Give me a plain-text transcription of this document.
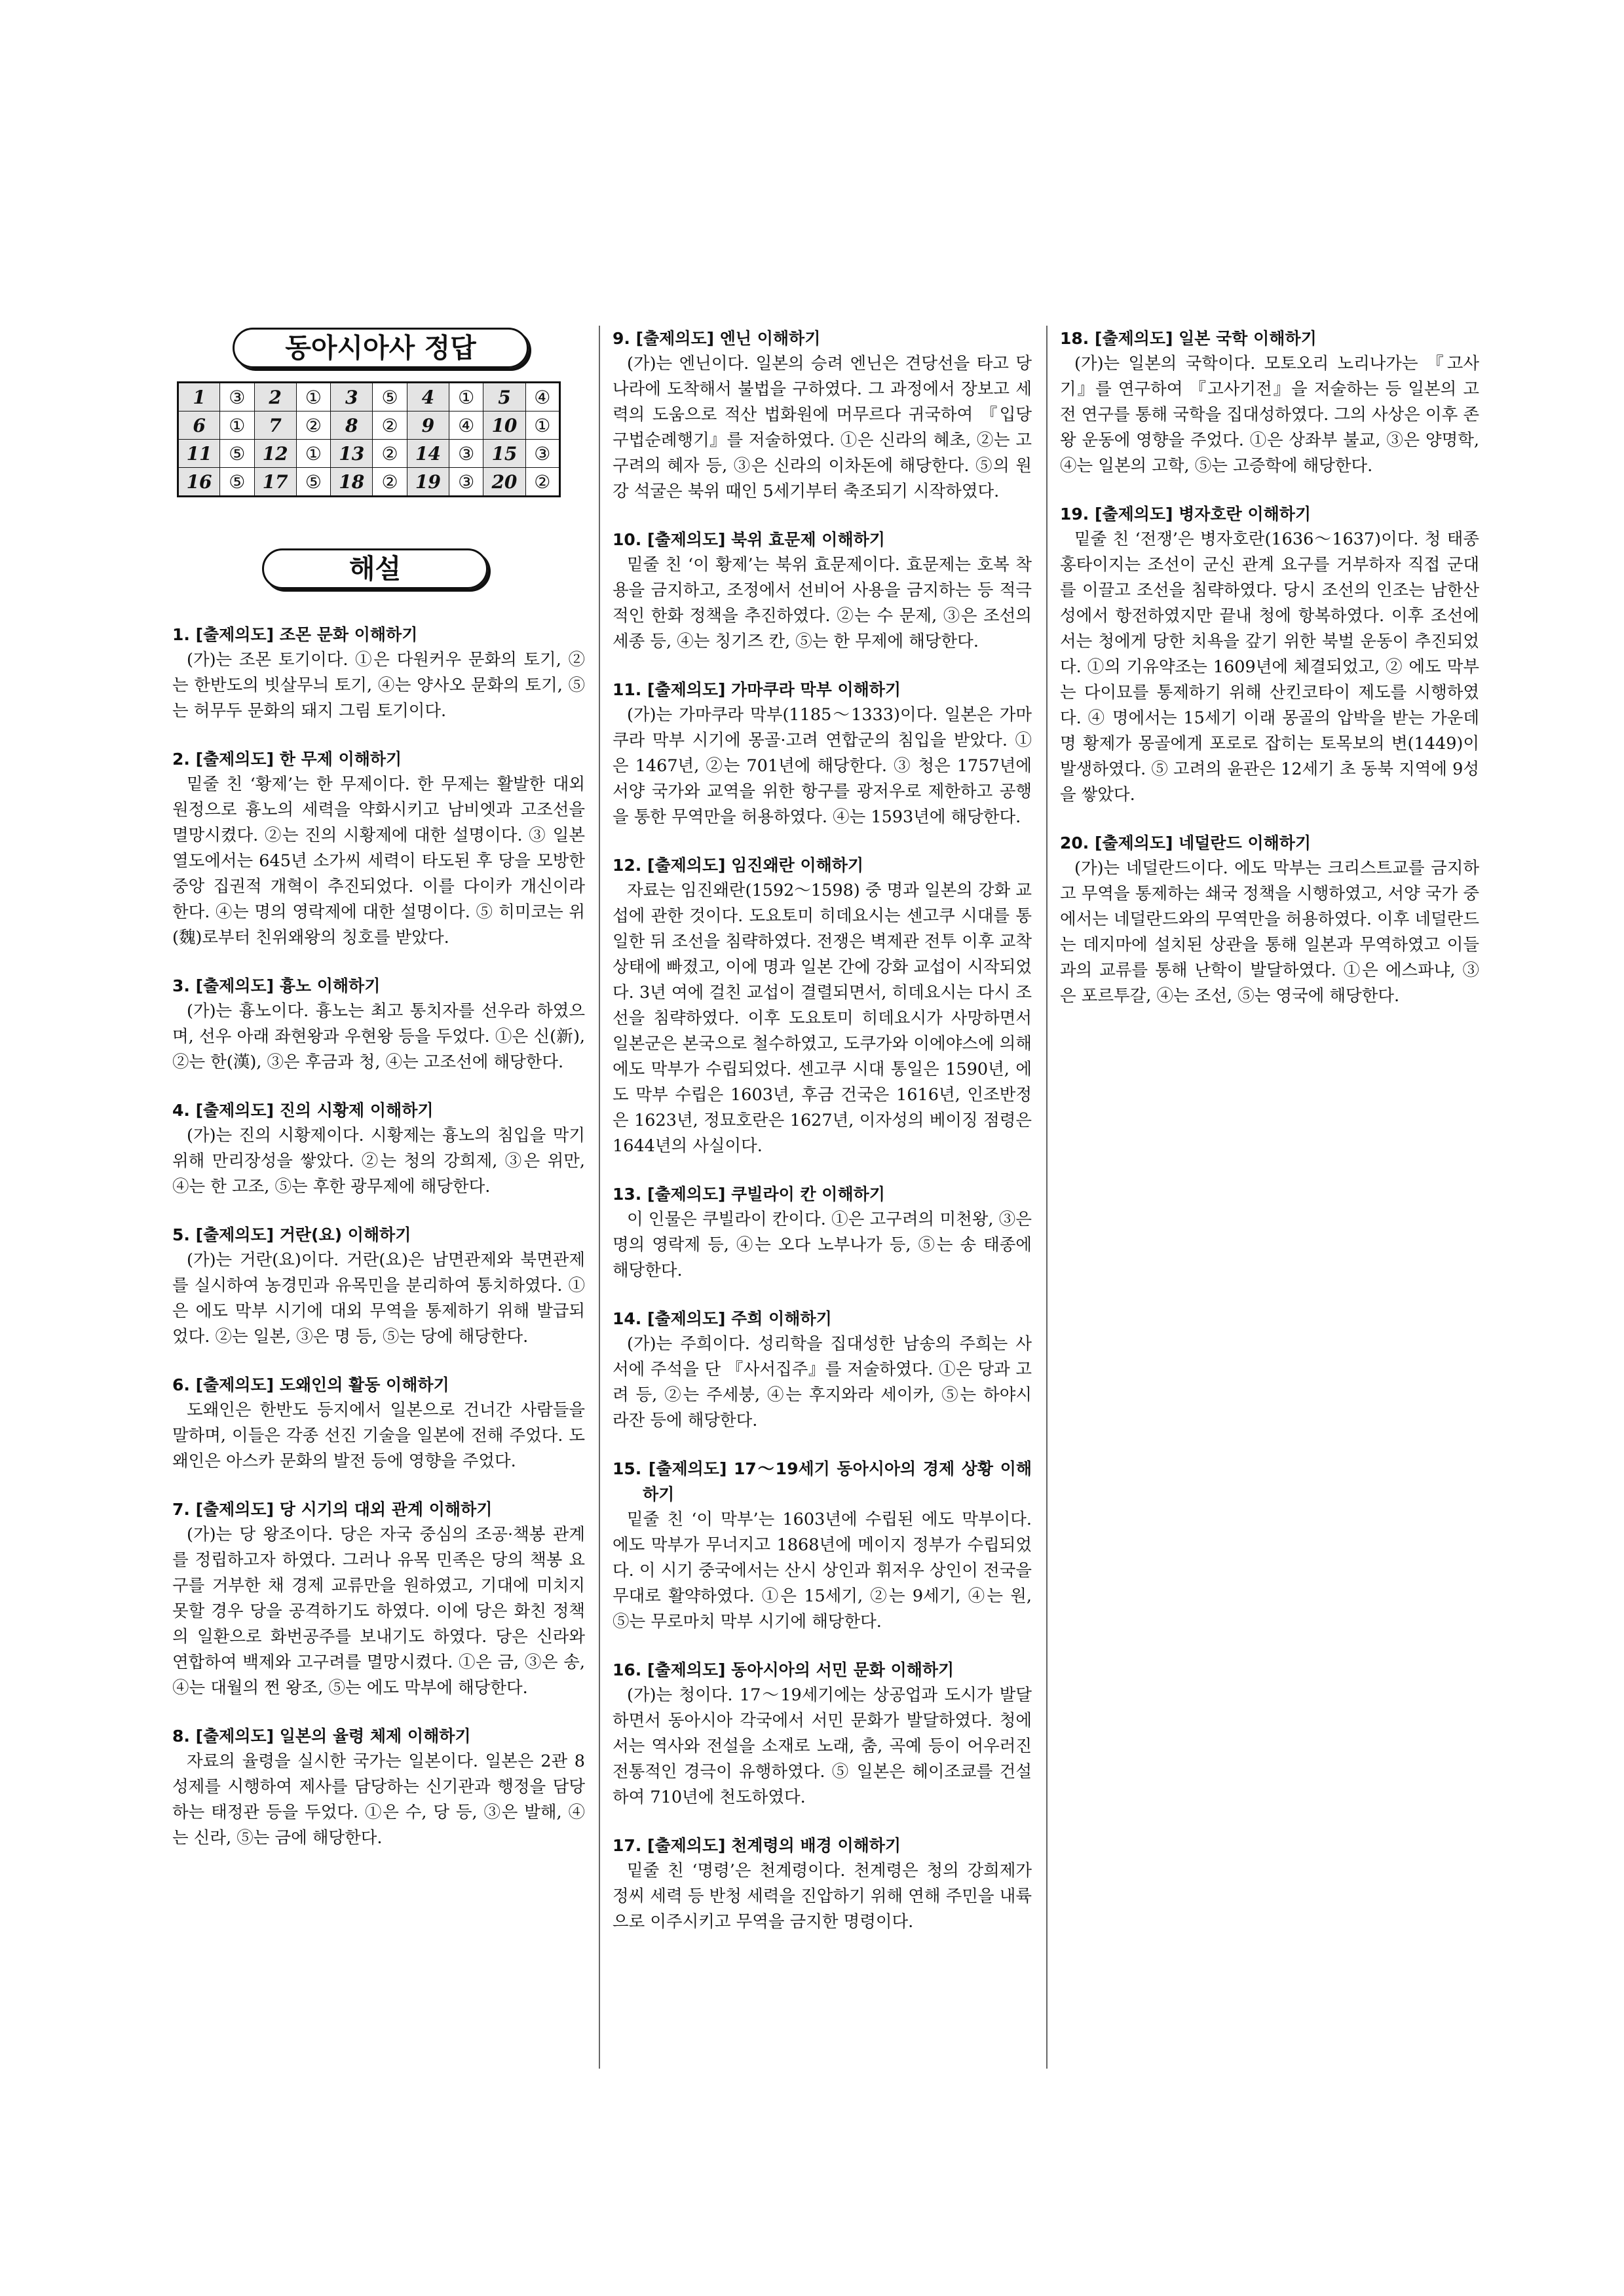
동아시아사 정답
1	③	2	①	3	⑤	4	①	5	④
6	①	7	②	8	②	9	④	10	①
11	⑤	12	①	13	②	14	③	15	③
16	⑤	17	⑤	18	②	19	③	20	②
해설
1. [출제의도] 조몬 문화 이해하기
(가)는 조몬 토기이다. ①은 다원커우 문화의 토기, ②는 한반도의 빗살무늬 토기, ④는 양사오 문화의 토기, ⑤는 허무두 문화의 돼지 그림 토기이다.
2. [출제의도] 한 무제 이해하기
밑줄 친 ‘황제’는 한 무제이다. 한 무제는 활발한 대외 원정으로 흉노의 세력을 약화시키고 남비엣과 고조선을 멸망시켰다. ②는 진의 시황제에 대한 설명이다. ③ 일본 열도에서는 645년 소가씨 세력이 타도된 후 당을 모방한 중앙 집권적 개혁이 추진되었다. 이를 다이카 개신이라 한다. ④는 명의 영락제에 대한 설명이다. ⑤ 히미코는 위(魏)로부터 친위왜왕의 칭호를 받았다.
3. [출제의도] 흉노 이해하기
(가)는 흉노이다. 흉노는 최고 통치자를 선우라 하였으며, 선우 아래 좌현왕과 우현왕 등을 두었다. ①은 신(新), ②는 한(漢), ③은 후금과 청, ④는 고조선에 해당한다.
4. [출제의도] 진의 시황제 이해하기
(가)는 진의 시황제이다. 시황제는 흉노의 침입을 막기 위해 만리장성을 쌓았다. ②는 청의 강희제, ③은 위만, ④는 한 고조, ⑤는 후한 광무제에 해당한다.
5. [출제의도] 거란(요) 이해하기
(가)는 거란(요)이다. 거란(요)은 남면관제와 북면관제를 실시하여 농경민과 유목민을 분리하여 통치하였다. ①은 에도 막부 시기에 대외 무역을 통제하기 위해 발급되었다. ②는 일본, ③은 명 등, ⑤는 당에 해당한다.
6. [출제의도] 도왜인의 활동 이해하기
도왜인은 한반도 등지에서 일본으로 건너간 사람들을 말하며, 이들은 각종 선진 기술을 일본에 전해 주었다. 도왜인은 아스카 문화의 발전 등에 영향을 주었다.
7. [출제의도] 당 시기의 대외 관계 이해하기
(가)는 당 왕조이다. 당은 자국 중심의 조공·책봉 관계를 정립하고자 하였다. 그러나 유목 민족은 당의 책봉 요구를 거부한 채 경제 교류만을 원하였고, 기대에 미치지 못할 경우 당을 공격하기도 하였다. 이에 당은 화친 정책의 일환으로 화번공주를 보내기도 하였다. 당은 신라와 연합하여 백제와 고구려를 멸망시켰다. ①은 금, ③은 송, ④는 대월의 쩐 왕조, ⑤는 에도 막부에 해당한다.
8. [출제의도] 일본의 율령 체제 이해하기
자료의 율령을 실시한 국가는 일본이다. 일본은 2관 8성제를 시행하여 제사를 담당하는 신기관과 행정을 담당하는 태정관 등을 두었다. ①은 수, 당 등, ③은 발해, ④는 신라, ⑤는 금에 해당한다.
9. [출제의도] 엔닌 이해하기
(가)는 엔닌이다. 일본의 승려 엔닌은 견당선을 타고 당나라에 도착해서 불법을 구하였다. 그 과정에서 장보고 세력의 도움으로 적산 법화원에 머무르다 귀국하여 『입당구법순례행기』를 저술하였다. ①은 신라의 혜초, ②는 고구려의 혜자 등, ③은 신라의 이차돈에 해당한다. ⑤의 원강 석굴은 북위 때인 5세기부터 축조되기 시작하였다.
10. [출제의도] 북위 효문제 이해하기
밑줄 친 ‘이 황제’는 북위 효문제이다. 효문제는 호복 착용을 금지하고, 조정에서 선비어 사용을 금지하는 등 적극적인 한화 정책을 추진하였다. ②는 수 문제, ③은 조선의 세종 등, ④는 칭기즈 칸, ⑤는 한 무제에 해당한다.
11. [출제의도] 가마쿠라 막부 이해하기
(가)는 가마쿠라 막부(1185～1333)이다. 일본은 가마쿠라 막부 시기에 몽골·고려 연합군의 침입을 받았다. ①은 1467년, ②는 701년에 해당한다. ③ 청은 1757년에 서양 국가와 교역을 위한 항구를 광저우로 제한하고 공행을 통한 무역만을 허용하였다. ④는 1593년에 해당한다.
12. [출제의도] 임진왜란 이해하기
자료는 임진왜란(1592～1598) 중 명과 일본의 강화 교섭에 관한 것이다. 도요토미 히데요시는 센고쿠 시대를 통일한 뒤 조선을 침략하였다. 전쟁은 벽제관 전투 이후 교착 상태에 빠졌고, 이에 명과 일본 간에 강화 교섭이 시작되었다. 3년 여에 걸친 교섭이 결렬되면서, 히데요시는 다시 조선을 침략하였다. 이후 도요토미 히데요시가 사망하면서 일본군은 본국으로 철수하였고, 도쿠가와 이에야스에 의해 에도 막부가 수립되었다. 센고쿠 시대 통일은 1590년, 에도 막부 수립은 1603년, 후금 건국은 1616년, 인조반정은 1623년, 정묘호란은 1627년, 이자성의 베이징 점령은 1644년의 사실이다.
13. [출제의도] 쿠빌라이 칸 이해하기
이 인물은 쿠빌라이 칸이다. ①은 고구려의 미천왕, ③은 명의 영락제 등, ④는 오다 노부나가 등, ⑤는 송 태종에 해당한다.
14. [출제의도] 주희 이해하기
(가)는 주희이다. 성리학을 집대성한 남송의 주희는 사서에 주석을 단 『사서집주』를 저술하였다. ①은 당과 고려 등, ②는 주세붕, ④는 후지와라 세이카, ⑤는 하야시 라잔 등에 해당한다.
15. [출제의도] 17～19세기 동아시아의 경제 상황 이해하기
밑줄 친 ‘이 막부’는 1603년에 수립된 에도 막부이다. 에도 막부가 무너지고 1868년에 메이지 정부가 수립되었다. 이 시기 중국에서는 산시 상인과 휘저우 상인이 전국을 무대로 활약하였다. ①은 15세기, ②는 9세기, ④는 원, ⑤는 무로마치 막부 시기에 해당한다.
16. [출제의도] 동아시아의 서민 문화 이해하기
(가)는 청이다. 17～19세기에는 상공업과 도시가 발달하면서 동아시아 각국에서 서민 문화가 발달하였다. 청에서는 역사와 전설을 소재로 노래, 춤, 곡예 등이 어우러진 전통적인 경극이 유행하였다. ⑤ 일본은 헤이조쿄를 건설하여 710년에 천도하였다.
17. [출제의도] 천계령의 배경 이해하기
밑줄 친 ‘명령’은 천계령이다. 천계령은 청의 강희제가 정씨 세력 등 반청 세력을 진압하기 위해 연해 주민을 내륙으로 이주시키고 무역을 금지한 명령이다.
18. [출제의도] 일본 국학 이해하기
(가)는 일본의 국학이다. 모토오리 노리나가는 『고사기』를 연구하여 『고사기전』을 저술하는 등 일본의 고전 연구를 통해 국학을 집대성하였다. 그의 사상은 이후 존왕 운동에 영향을 주었다. ①은 상좌부 불교, ③은 양명학, ④는 일본의 고학, ⑤는 고증학에 해당한다.
19. [출제의도] 병자호란 이해하기
밑줄 친 ‘전쟁’은 병자호란(1636～1637)이다. 청 태종 홍타이지는 조선이 군신 관계 요구를 거부하자 직접 군대를 이끌고 조선을 침략하였다. 당시 조선의 인조는 남한산성에서 항전하였지만 끝내 청에 항복하였다. 이후 조선에서는 청에게 당한 치욕을 갚기 위한 북벌 운동이 추진되었다. ①의 기유약조는 1609년에 체결되었고, ② 에도 막부는 다이묘를 통제하기 위해 산킨코타이 제도를 시행하였다. ④ 명에서는 15세기 이래 몽골의 압박을 받는 가운데 명 황제가 몽골에게 포로로 잡히는 토목보의 변(1449)이 발생하였다. ⑤ 고려의 윤관은 12세기 초 동북 지역에 9성을 쌓았다.
20. [출제의도] 네덜란드 이해하기
(가)는 네덜란드이다. 에도 막부는 크리스트교를 금지하고 무역을 통제하는 쇄국 정책을 시행하였고, 서양 국가 중에서는 네덜란드와의 무역만을 허용하였다. 이후 네덜란드는 데지마에 설치된 상관을 통해 일본과 무역하였고 이들과의 교류를 통해 난학이 발달하였다. ①은 에스파냐, ③은 포르투갈, ④는 조선, ⑤는 영국에 해당한다.
